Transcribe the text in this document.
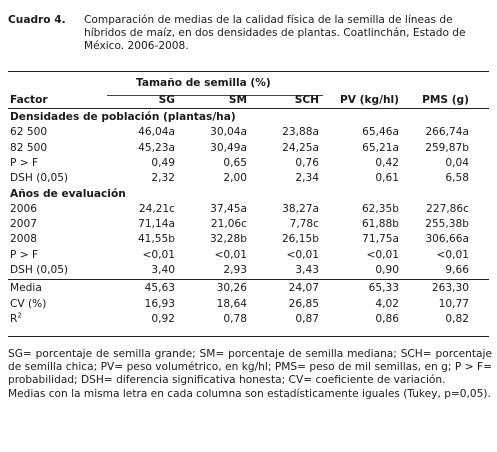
Cuadro 4. Comparación de medias de la calidad física de la semilla de líneas de híbridos de maíz, en dos densidades de plantas. Coatlinchán, Estado de México. 2006-2008.
Tamaño de semilla (%)
Factor	SG	SM	SCH PV (kg/hl) PMS (g)
Densidades de población (plantas/ha)
62 500	46,04a	30,04a	23,88a	65,46a 266,74a
82 500	45,23a	30,49a	24,25a	65,21a 259,87b
P > F	0,49	0,65	0,76	0,42	0,04
DSH (0,05)	2,32	2,00	2,34	0,61	6,58
Años de evaluación
2006	24,21c	37,45a	38,27a	62,35b	227,86c
2007	71,14a	21,06c	7,78c	61,88b 255,38b
2008	41,55b	32,28b	26,15b	71,75a 306,66a
P > F	<0,01	<0,01	<0,01	<0,01	<0,01
DSH (0,05)	3,40	2,93	3,43	0,90	9,66
Media	45,63	30,26	24,07	65,33	263,30
CV (%)	16,93	18,64	26,85	4,02	10,77
$R^2$	0,92	0,78	0,87	0,86	0,82

SG= porcentaje de semilla grande; SM= porcentaje de semilla mediana; SCH= porcentaje de semilla chica; PV= peso volumétrico, en kg/hl; PMS= peso de mil semillas, en g; P > F= probabilidad; DSH= diferencia significativa honesta; CV= coeficiente de variación.

Medias con la misma letra en cada columna son estadísticamente iguales (Tukey, p=0,05).
